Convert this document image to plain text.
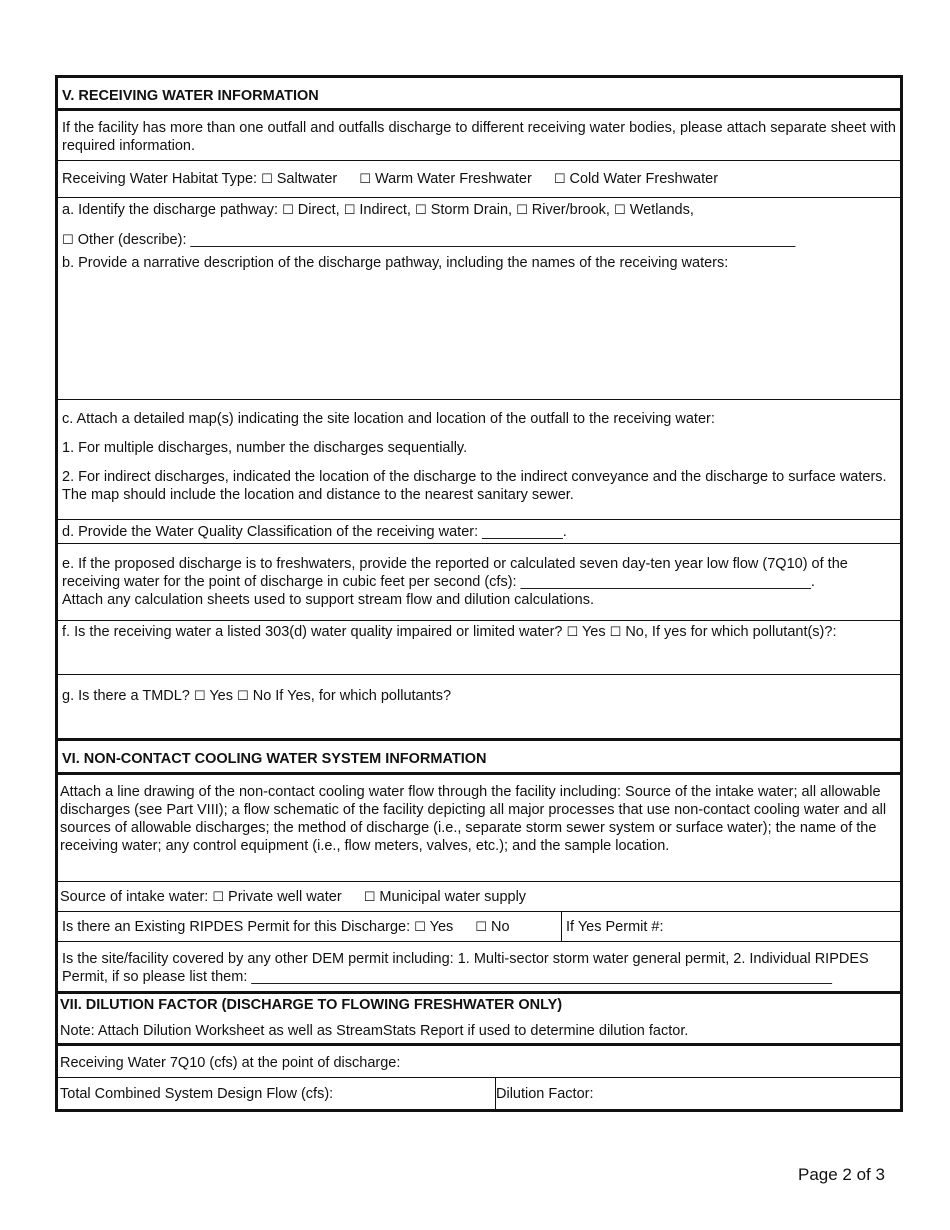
V. RECEIVING WATER INFORMATION
If the facility has more than one outfall and outfalls discharge to different receiving water bodies, please attach separate sheet with required information.
Receiving Water Habitat Type: ☐ Saltwater ☐ Warm Water Freshwater ☐ Cold Water Freshwater
a. Identify the discharge pathway: ☐ Direct, ☐ Indirect, ☐ Storm Drain, ☐ River/brook, ☐ Wetlands,
☐ Other (describe): ___________________________________________________________________________
b. Provide a narrative description of the discharge pathway, including the names of the receiving waters:
c. Attach a detailed map(s) indicating the site location and location of the outfall to the receiving water:
1. For multiple discharges, number the discharges sequentially.
2. For indirect discharges, indicated the location of the discharge to the indirect conveyance and the discharge to surface waters. The map should include the location and distance to the nearest sanitary sewer.
d. Provide the Water Quality Classification of the receiving water: __________.
e. If the proposed discharge is to freshwaters, provide the reported or calculated seven day-ten year low flow (7Q10) of the receiving water for the point of discharge in cubic feet per second (cfs): ____________________________________.
Attach any calculation sheets used to support stream flow and dilution calculations.
f. Is the receiving water a listed 303(d) water quality impaired or limited water? ☐ Yes ☐ No, If yes for which pollutant(s)?:
g. Is there a TMDL? ☐ Yes ☐ No If Yes, for which pollutants?
VI. NON-CONTACT COOLING WATER SYSTEM INFORMATION
Attach a line drawing of the non-contact cooling water flow through the facility including: Source of the intake water; all allowable discharges (see Part VIII); a flow schematic of the facility depicting all major processes that use non-contact cooling water and all sources of allowable discharges; the method of discharge (i.e., separate storm sewer system or surface water); the name of the receiving water; any control equipment (i.e., flow meters, valves, etc.); and the sample location.
Source of intake water: ☐ Private well water ☐ Municipal water supply
Is there an Existing RIPDES Permit for this Discharge: ☐ Yes ☐ No	If Yes Permit #:
Is the site/facility covered by any other DEM permit including: 1. Multi-sector storm water general permit, 2. Individual RIPDES Permit, if so please list them: ________________________________________________________________________
VII. DILUTION FACTOR (DISCHARGE TO FLOWING FRESHWATER ONLY)
Note: Attach Dilution Worksheet as well as StreamStats Report if used to determine dilution factor.
Receiving Water 7Q10 (cfs) at the point of discharge:
Total Combined System Design Flow (cfs):	Dilution Factor:
Page 2 of 3
